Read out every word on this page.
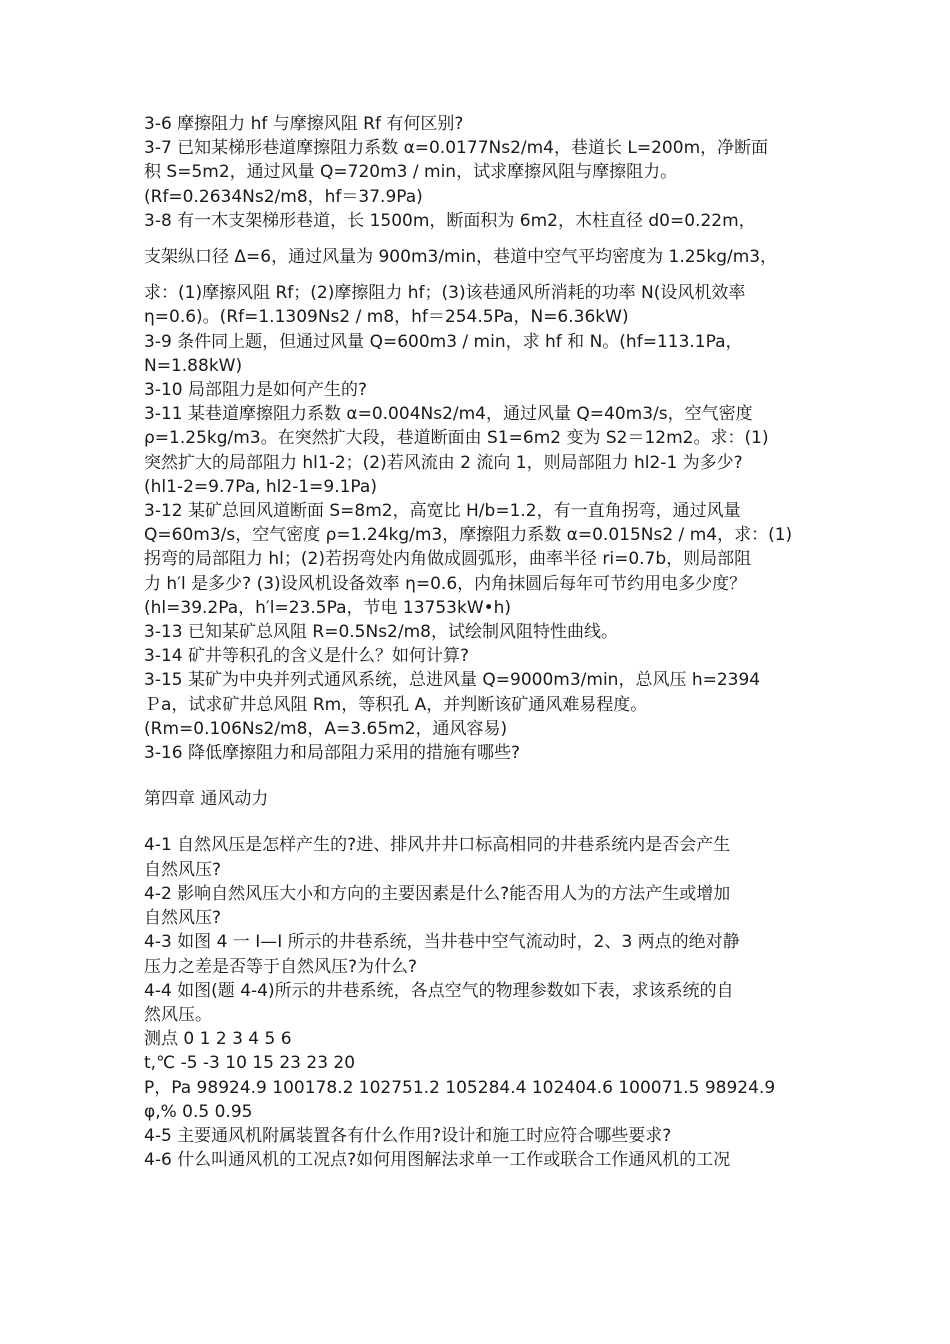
3-6 摩擦阻力 hf 与摩擦风阻 Rf 有何区别?
3-7 已知某梯形巷道摩擦阻力系数 α=0.0177Ns2/m4，巷道长 L=200m，净断面
积 S=5m2，通过风量 Q=720m3 / min，试求摩擦风阻与摩擦阻力。
(Rf=0.2634Ns2/m8，hf＝37.9Pa)
3-8 有一木支架梯形巷道，长 1500m，断面积为 6m2，木柱直径 d0=0.22m，
支架纵口径 Δ=6，通过风量为 900m3/min，巷道中空气平均密度为 1.25kg/m3，
求：(1)摩擦风阻 Rf；(2)摩擦阻力 hf；(3)该巷通风所消耗的功率 N(设风机效率
η=0.6)。(Rf=1.1309Ns2 / m8，hf＝254.5Pa，N=6.36kW)
3-9 条件同上题，但通过风量 Q=600m3 / min，求 hf 和 N。(hf=113.1Pa，
N=1.88kW)
3-10 局部阻力是如何产生的?
3-11 某巷道摩擦阻力系数 α=0.004Ns2/m4，通过风量 Q=40m3/s，空气密度
ρ=1.25kg/m3。在突然扩大段，巷道断面由 S1=6m2 变为 S2＝12m2。求：(1)
突然扩大的局部阻力 hl1-2；(2)若风流由 2 流向 1，则局部阻力 hl2-1 为多少?
(hl1-2=9.7Pa, hl2-1=9.1Pa)
3-12 某矿总回风道断面 S=8m2，高宽比 H/b=1.2，有一直角拐弯，通过风量
Q=60m3/s，空气密度 ρ=1.24kg/m3，摩擦阻力系数 α=0.015Ns2 / m4，求：(1)
拐弯的局部阻力 hl；(2)若拐弯处内角做成圆弧形，曲率半径 ri=0.7b，则局部阻
力 h′l 是多少? (3)设风机设备效率 η=0.6，内角抹圆后每年可节约用电多少度？
(hl=39.2Pa，h′l=23.5Pa，节电 13753kW•h)
3-13 已知某矿总风阻 R=0.5Ns2/m8，试绘制风阻特性曲线。
3-14 矿井等积孔的含义是什么？如何计算?
3-15 某矿为中央并列式通风系统，总进风量 Q=9000m3/min，总风压 h=2394
Ｐa，试求矿井总风阻 Rm，等积孔 A，并判断该矿通风难易程度。
(Rm=0.106Ns2/m8，A=3.65m2，通风容易)
3-16 降低摩擦阻力和局部阻力采用的措施有哪些?
第四章 通风动力
4-1 自然风压是怎样产生的?进、排风井井口标高相同的井巷系统内是否会产生
自然风压?
4-2 影响自然风压大小和方向的主要因素是什么?能否用人为的方法产生或增加
自然风压?
4-3 如图 4 一 I—I 所示的井巷系统，当井巷中空气流动时，2、3 两点的绝对静
压力之差是否等于自然风压?为什么?
4-4 如图(题 4-4)所示的井巷系统，各点空气的物理参数如下表，求该系统的自
然风压。
测点 0 1 2 3 4 5 6
t,℃ -5 -3 10 15 23 23 20
P，Pa 98924.9 100178.2 102751.2 105284.4 102404.6 100071.5 98924.9
φ,% 0.5 0.95
4-5 主要通风机附属装置各有什么作用?设计和施工时应符合哪些要求?
4-6 什么叫通风机的工况点?如何用图解法求单一工作或联合工作通风机的工况
